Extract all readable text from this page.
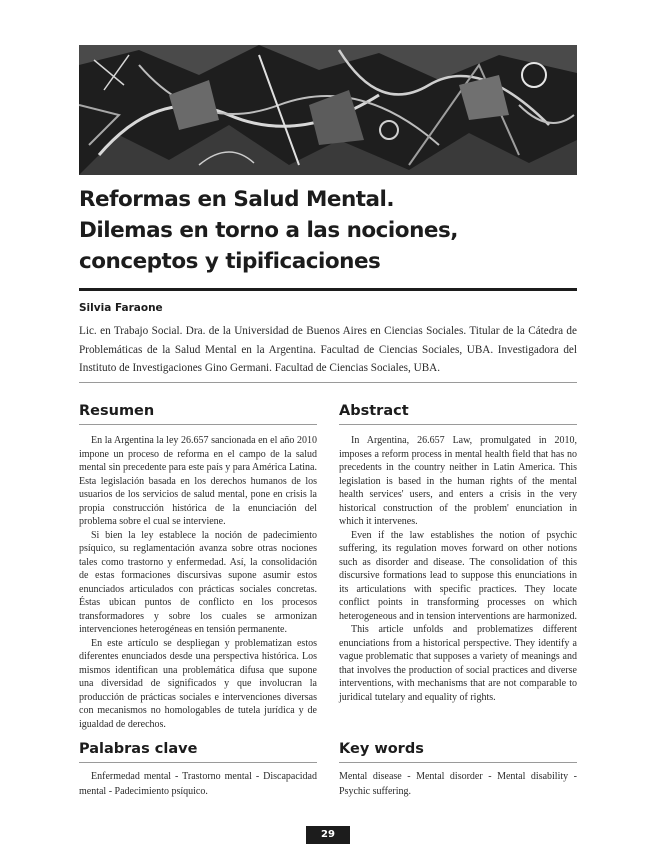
Reformas en Salud Mental.
Dilemas en torno a las nociones,
conceptos y tipificaciones
Silvia Faraone
Lic. en Trabajo Social. Dra. de la Universidad de Buenos Aires en Ciencias Sociales. Titular de la Cátedra de Problemáticas de la Salud Mental en la Argentina. Facultad de Ciencias Sociales, UBA. Investigadora del Instituto de Investigaciones Gino Germani. Facultad de Ciencias Sociales, UBA.
Resumen

En la Argentina la ley 26.657 sancionada en el año 2010 impone un proceso de reforma en el campo de la salud mental sin precedente para este país y para América Latina. Esta legislación basada en los derechos humanos de los usuarios de los servicios de salud mental, pone en crisis la propia construcción histórica de la enunciación del problema sobre el cual se interviene.

Si bien la ley establece la noción de padecimiento psíquico, su reglamentación avanza sobre otras nociones tales como trastorno y enfermedad. Así, la consolidación de estas formaciones discursivas supone asumir estos enunciados articulados con prácticas sociales concretas. Éstas ubican puntos de conflicto en los procesos transformadores y sobre los cuales se armonizan intervenciones heterogéneas en tensión permanente.

En este artículo se despliegan y problematizan estos diferentes enunciados desde una perspectiva histórica. Los mismos identifican una problemática difusa que supone una diversidad de significados y que involucran la producción de prácticas sociales e intervenciones diversas con mecanismos no homologables de tutela jurídica y de igualdad de derechos.

Abstract

In Argentina, 26.657 Law, promulgated in 2010, imposes a reform process in mental health field that has no precedents in the country neither in Latin America. This legislation is based in the human rights of the mental health services' users, and enters a crisis in the very historical construction of the problem' enunciation in which it intervenes.

Even if the law establishes the notion of psychic suffering, its regulation moves forward on other notions such as disorder and disease. The consolidation of this discursive formations lead to suppose this enunciations in its articulations with specific practices. They locate conflict points in transforming processes on which heterogeneous and in tension interventions are harmonized.

This article unfolds and problematizes different enunciations from a historical perspective. They identify a vague problematic that supposes a variety of meanings and that involves the production of social practices and diverse interventions, with mechanisms that are not comparable to juridical tutelary and equality of rights.

Palabras clave

Enfermedad mental - Trastorno mental - Discapacidad mental - Padecimiento psíquico.

Key words

Mental disease - Mental disorder - Mental disability - Psychic suffering.

29
